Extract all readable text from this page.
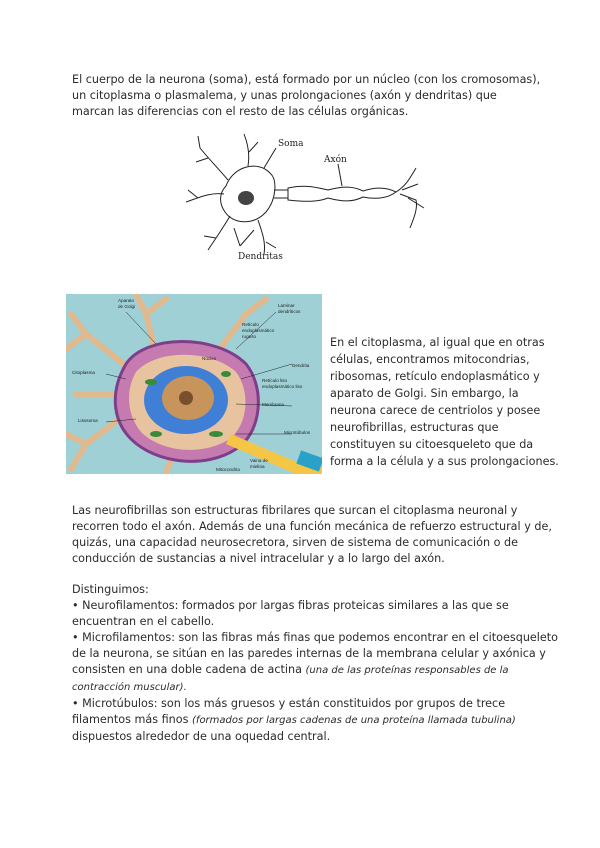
El cuerpo de la neurona (soma), está formado por un núcleo (con los cromosomas), un citoplasma o plasmalema, y unas prolongaciones (axón y dendritas) que marcan las diferencias con el resto de las células orgánicas.

Soma
Axón
Dendritas
Aparato
de Golgi	Laminar
dendríticos
Retículo
endoplasmático
rugoso
Citoplasma
Núcleo
Dendrita
Retículo liso
endoplasmático liso
Membrana
Lisosoma
Microtúbulos
Mitocondria
Vaina de
mielina

En el citoplasma, al igual que en otras células, encontramos mitocondrias, ribosomas, retículo endoplasmático y aparato de Golgi. Sin embargo, la neurona carece de centriolos y posee neurofibrillas, estructuras que constituyen su citoesqueleto que da forma a la célula y a sus prolongaciones.

Las neurofibrillas son estructuras fibrilares que surcan el citoplasma neuronal y recorren todo el axón. Además de una función mecánica de refuerzo estructural y de, quizás, una capacidad neurosecretora, sirven de sistema de comunicación o de conducción de sustancias a nivel intracelular y a lo largo del axón.

Distinguimos:
• Neurofilamentos: formados por largas fibras proteicas similares a las que se encuentran en el cabello.
• Microfilamentos: son las fibras más finas que podemos encontrar en el citoesqueleto de la neurona, se sitúan en las paredes internas de la membrana celular y axónica y consisten en una doble cadena de actina (una de las proteínas responsables de la contracción muscular).
• Microtúbulos: son los más gruesos y están constituidos por grupos de trece filamentos más finos (formados por largas cadenas de una proteína llamada tubulina) dispuestos alrededor de una oquedad central.
